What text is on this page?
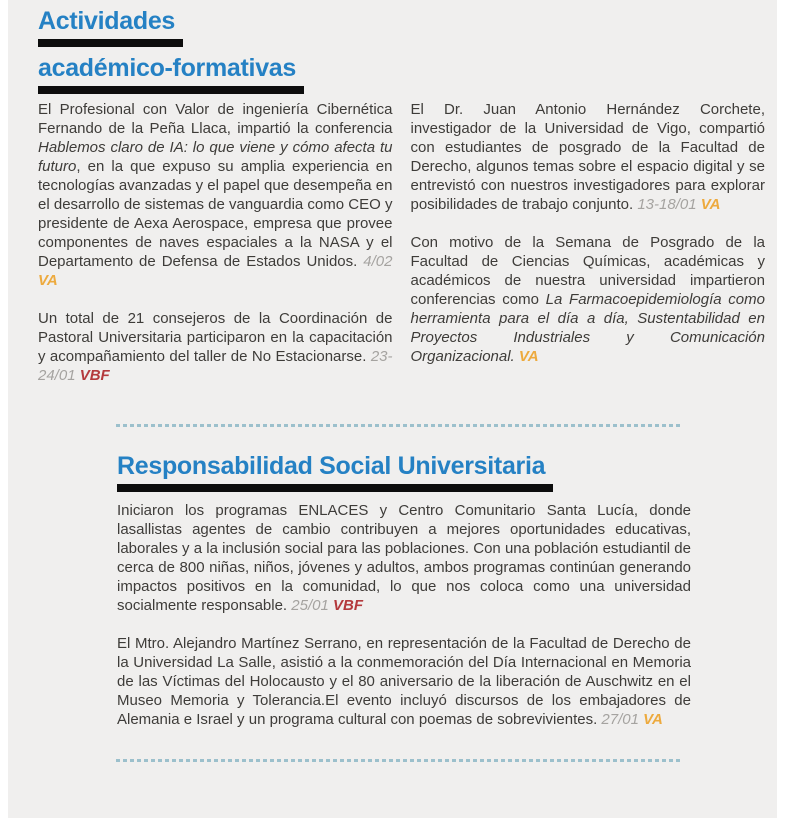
Actividades
académico-formativas

El Profesional con Valor de ingeniería Cibernética Fernando de la Peña Llaca, impartió la conferencia Hablemos claro de IA: lo que viene y cómo afecta tu futuro, en la que expuso su amplia experiencia en tecnologías avanzadas y el papel que desempeña en el desarrollo de sistemas de vanguardia como CEO y presidente de Aexa Aerospace, empresa que provee componentes de naves espaciales a la NASA y el Departamento de Defensa de Estados Unidos. 4/02 VA

Un total de 21 consejeros de la Coordinación de Pastoral Universitaria participaron en la capacitación y acompañamiento del taller de No Estacionarse. 23-24/01 VBF

El Dr. Juan Antonio Hernández Corchete, investigador de la Universidad de Vigo, compartió con estudiantes de posgrado de la Facultad de Derecho, algunos temas sobre el espacio digital y se entrevistó con nuestros investigadores para explorar posibilidades de trabajo conjunto. 13-18/01 VA

Con motivo de la Semana de Posgrado de la Facultad de Ciencias Químicas, académicas y académicos de nuestra universidad impartieron conferencias como La Farmacoepidemiología como herramienta para el día a día, Sustentabilidad en Proyectos Industriales y Comunicación Organizacional. VA

Responsabilidad Social Universitaria

Iniciaron los programas ENLACES y Centro Comunitario Santa Lucía, donde lasallistas agentes de cambio contribuyen a mejores oportunidades educativas, laborales y a la inclusión social para las poblaciones. Con una población estudiantil de cerca de 800 niñas, niños, jóvenes y adultos, ambos programas continúan generando impactos positivos en la comunidad, lo que nos coloca como una universidad socialmente responsable. 25/01 VBF

El Mtro. Alejandro Martínez Serrano, en representación de la Facultad de Derecho de la Universidad La Salle, asistió a la conmemoración del Día Internacional en Memoria de las Víctimas del Holocausto y el 80 aniversario de la liberación de Auschwitz en el Museo Memoria y Tolerancia.El evento incluyó discursos de los embajadores de Alemania e Israel y un programa cultural con poemas de sobrevivientes. 27/01 VA
